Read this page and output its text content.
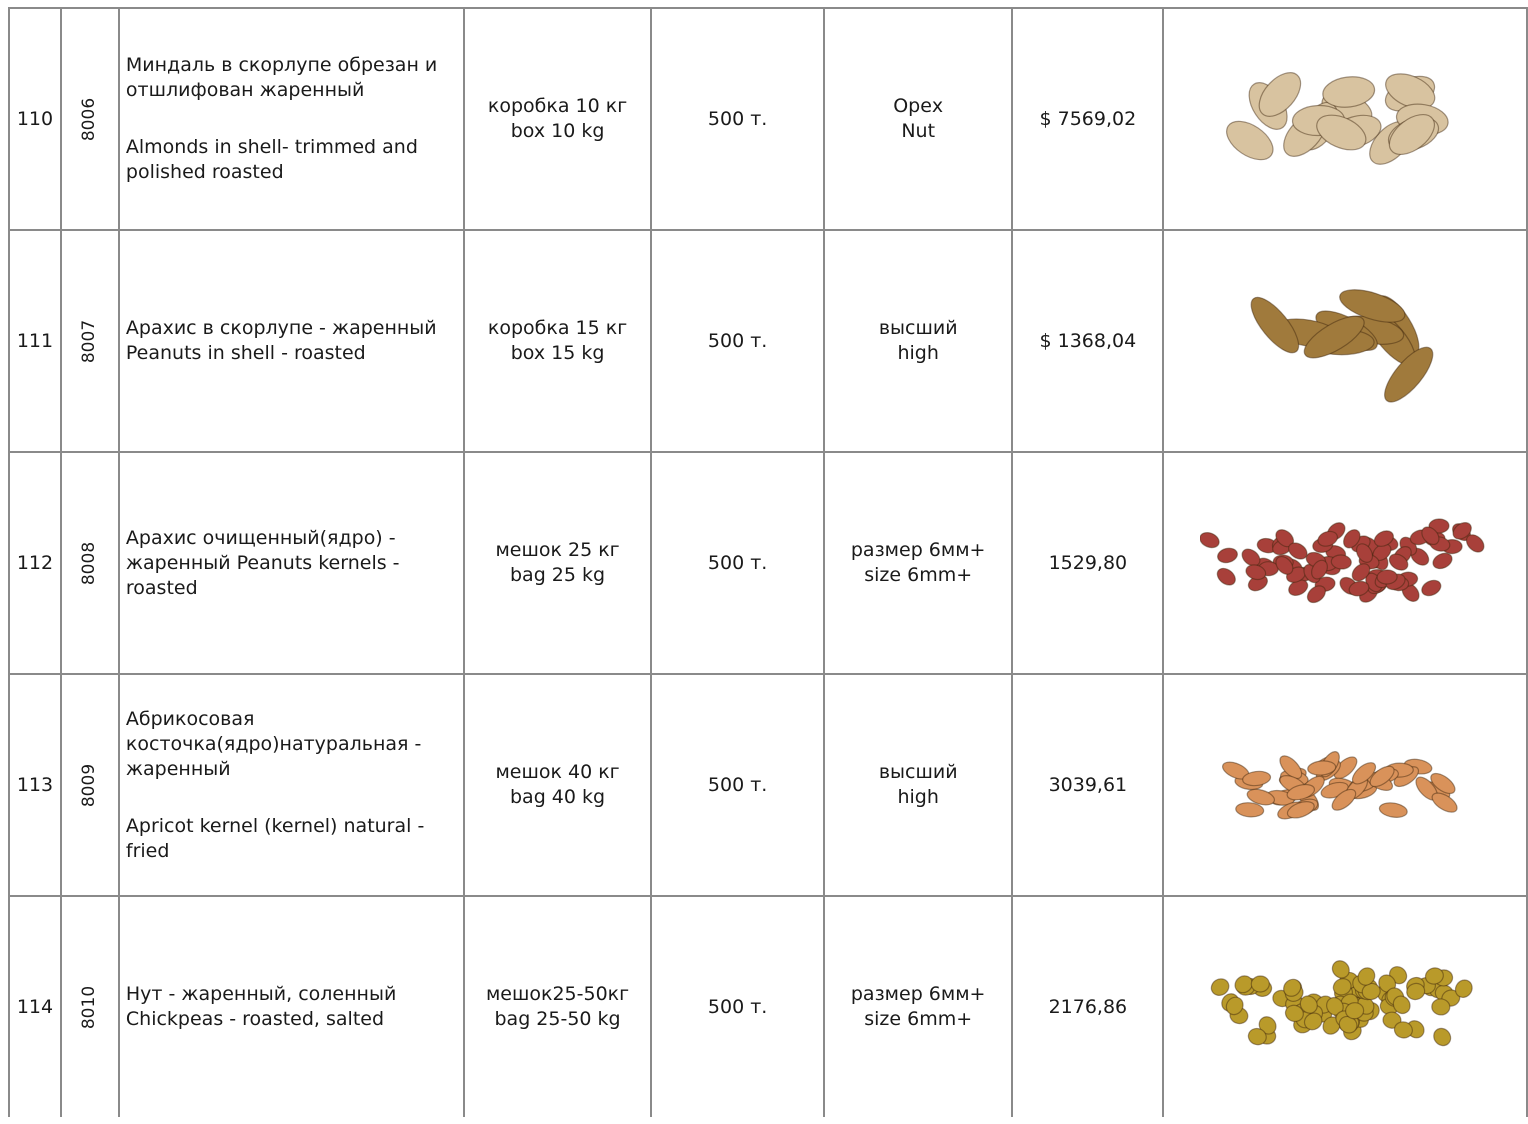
110	8006	Миндаль в скорлупе обрезан и
отшлифован жаренный
Almonds in shell- trimmed and
polished roasted	коробка 10 кг
box 10 kg	500 т.	Орех
Nut	$ 7569,02	
111	8007	Арахис в скорлупе - жаренный
Peanuts in shell - roasted	коробка 15 кг
box 15 kg	500 т.	высший
high	$ 1368,04	
112	8008	Арахис очищенный(ядро) -
жаренный Peanuts kernels -
roasted	мешок 25 кг
bag 25 kg	500 т.	размер 6мм+
size 6mm+	1529,80	
113	8009	Абрикосовая
косточка(ядро)натуральная -
жаренный
Apricot kernel (kernel) natural -
fried	мешок 40 кг
bag 40 kg	500 т.	высший
high	3039,61	
114	8010	Нут - жаренный, соленный
Chickpeas - roasted, salted	мешок25-50кг
bag 25-50 kg	500 т.	размер 6мм+
size 6mm+	2176,86	
